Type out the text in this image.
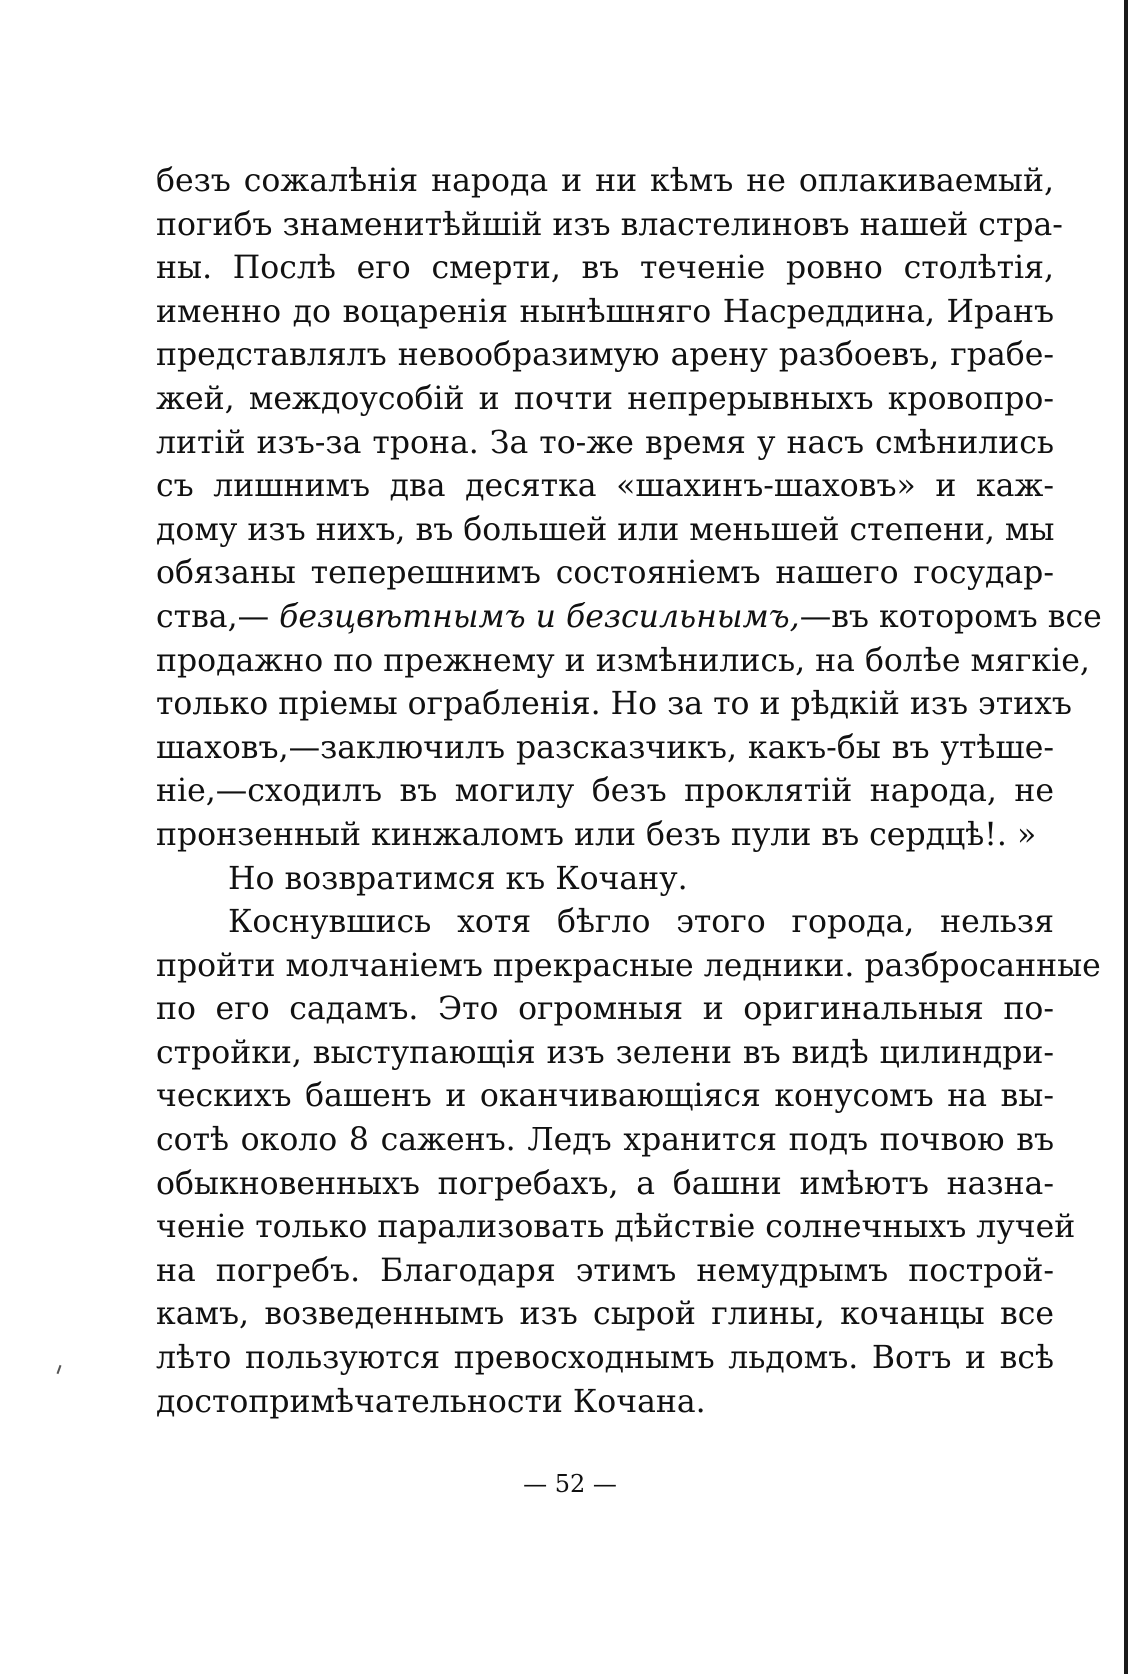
безъ сожалѣнія народа и ни кѣмъ не оплакиваемый,
погибъ знаменитѣйшій изъ властелиновъ нашей стра-
ны. Послѣ его смерти, въ теченіе ровно столѣтія,
именно до воцаренія нынѣшняго Насреддина, Иранъ
представлялъ невообразимую арену разбоевъ, грабе-
жей, междоусобій и почти непрерывныхъ кровопро-
литій изъ-за трона. За то-же время у насъ смѣнились
съ лишнимъ два десятка «шахинъ-шаховъ» и каж-
дому изъ нихъ, въ большей или меньшей степени, мы
обязаны теперешнимъ состояніемъ нашего государ-
ства,— безцвѣтнымъ и безсильнымъ,—въ которомъ все
продажно по прежнему и измѣнились, на болѣе мягкіе,
только пріемы ограбленія. Но за то и рѣдкій изъ этихъ
шаховъ,—заключилъ разсказчикъ, какъ-бы въ утѣше-
ніе,—сходилъ въ могилу безъ проклятій народа, не
пронзенный кинжаломъ или безъ пули въ сердцѣ!. »
Но возвратимся къ Кочану.
Коснувшись хотя бѣгло этого города, нельзя
пройти молчаніемъ прекрасные ледники. разбросанные
по его садамъ. Это огромныя и оригинальныя по-
стройки, выступающія изъ зелени въ видѣ цилиндри-
ческихъ башенъ и оканчивающіяся конусомъ на вы-
сотѣ около 8 саженъ. Ледъ хранится подъ почвою въ
обыкновенныхъ погребахъ, а башни имѣютъ назна-
ченіе только парализовать дѣйствіе солнечныхъ лучей
на погребъ. Благодаря этимъ немудрымъ построй-
камъ, возведеннымъ изъ сырой глины, кочанцы все
лѣто пользуются превосходнымъ льдомъ. Вотъ и всѣ
достопримѣчательности Кочана.
— 52 —
